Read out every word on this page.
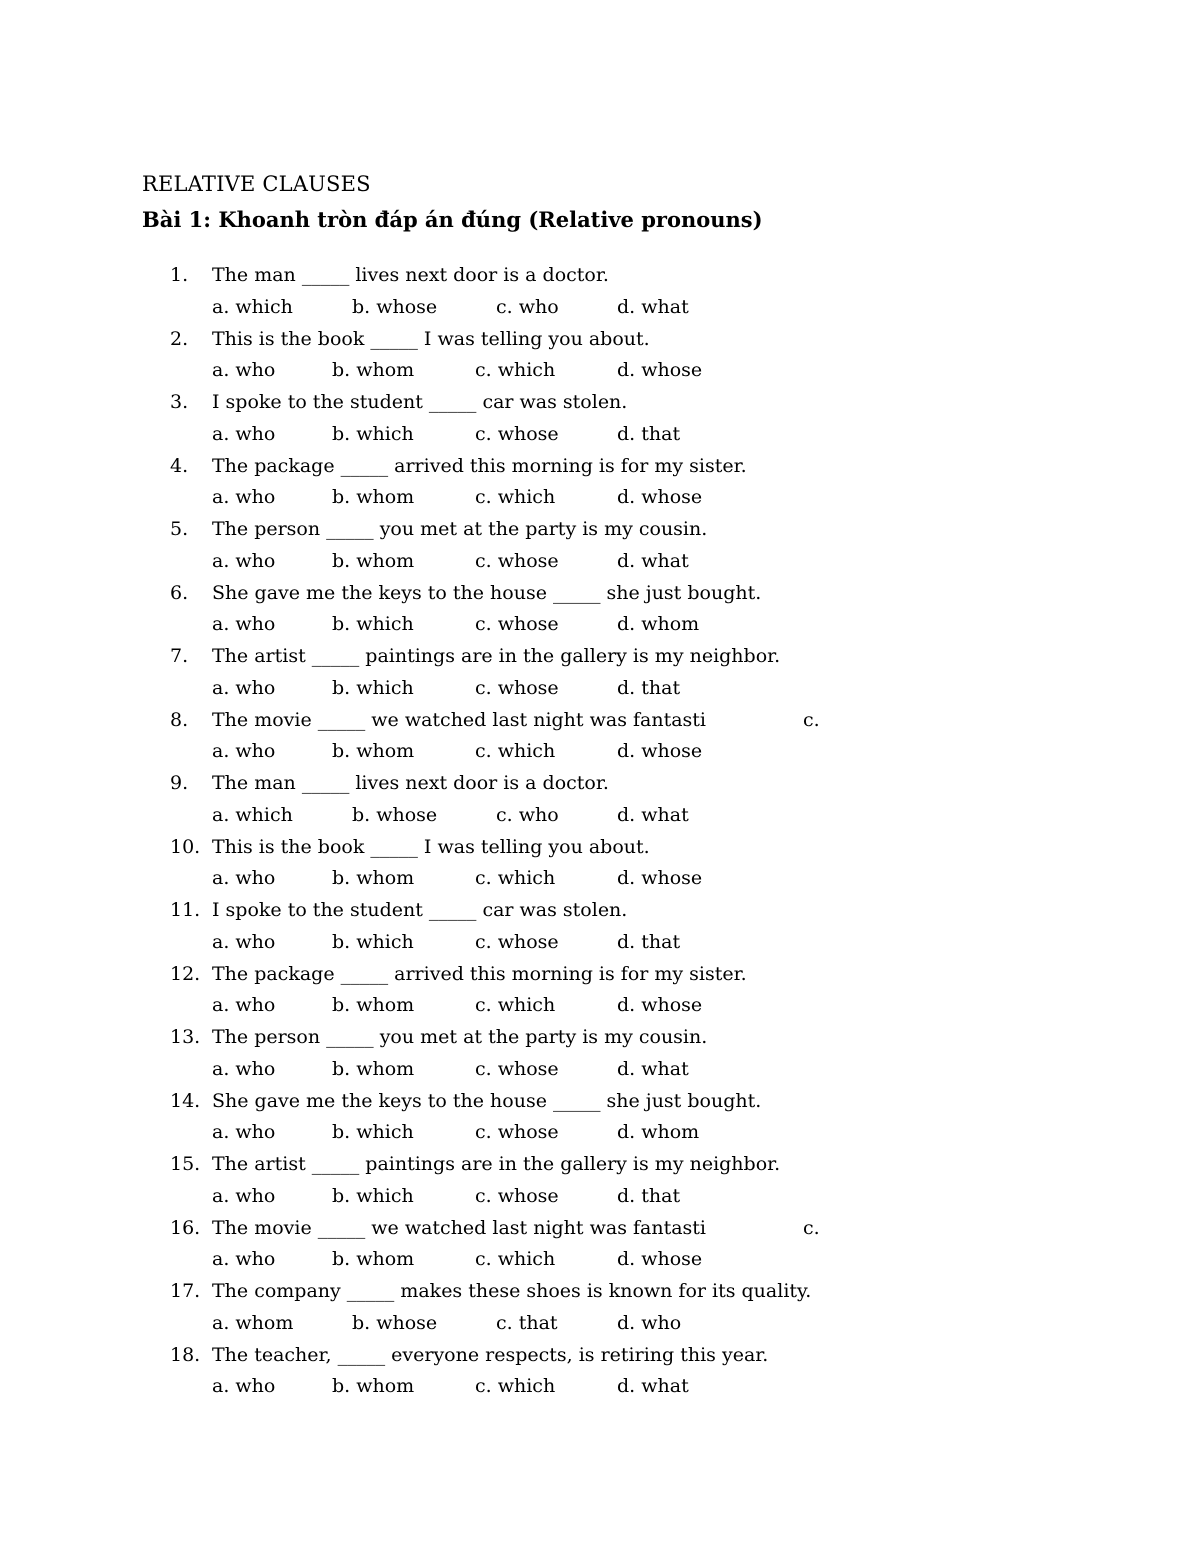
RELATIVE CLAUSES
Bài 1: Khoanh tròn đáp án đúng (Relative pronouns)
1.	The man _____ lives next door is a doctor.
a. which	b. whose	c. who	d. what
2.	This is the book _____ I was telling you about.
a. who	b. whom	c. which	d. whose
3.	I spoke to the student _____ car was stolen.
a. who	b. which	c. whose	d. that
4.	The package _____ arrived this morning is for my sister.
a. who	b. whom	c. which	d. whose
5.	The person _____ you met at the party is my cousin.
a. who	b. whom	c. whose	d. what
6.	She gave me the keys to the house _____ she just bought.
a. who	b. which	c. whose	d. whom
7.	The artist _____ paintings are in the gallery is my neighbor.
a. who	b. which	c. whose	d. that
8.	The movie _____ we watched last night was fantasti	c.
a. who	b. whom	c. which	d. whose
9.	The man _____ lives next door is a doctor.
a. which	b. whose	c. who	d. what
10. This is the book _____ I was telling you about.
a. who	b. whom	c. which	d. whose
11. I spoke to the student _____ car was stolen.
a. who	b. which	c. whose	d. that
12. The package _____ arrived this morning is for my sister.
a. who	b. whom	c. which	d. whose
13. The person _____ you met at the party is my cousin.
a. who	b. whom	c. whose	d. what
14. She gave me the keys to the house _____ she just bought.
a. who	b. which	c. whose	d. whom
15. The artist _____ paintings are in the gallery is my neighbor.
a. who	b. which	c. whose	d. that
16. The movie _____ we watched last night was fantasti	c.
a. who	b. whom	c. which	d. whose
17. The company _____ makes these shoes is known for its quality.
a. whom	b. whose	c. that	d. who
18. The teacher, _____ everyone respects, is retiring this year.
a. who	b. whom	c. which	d. what
